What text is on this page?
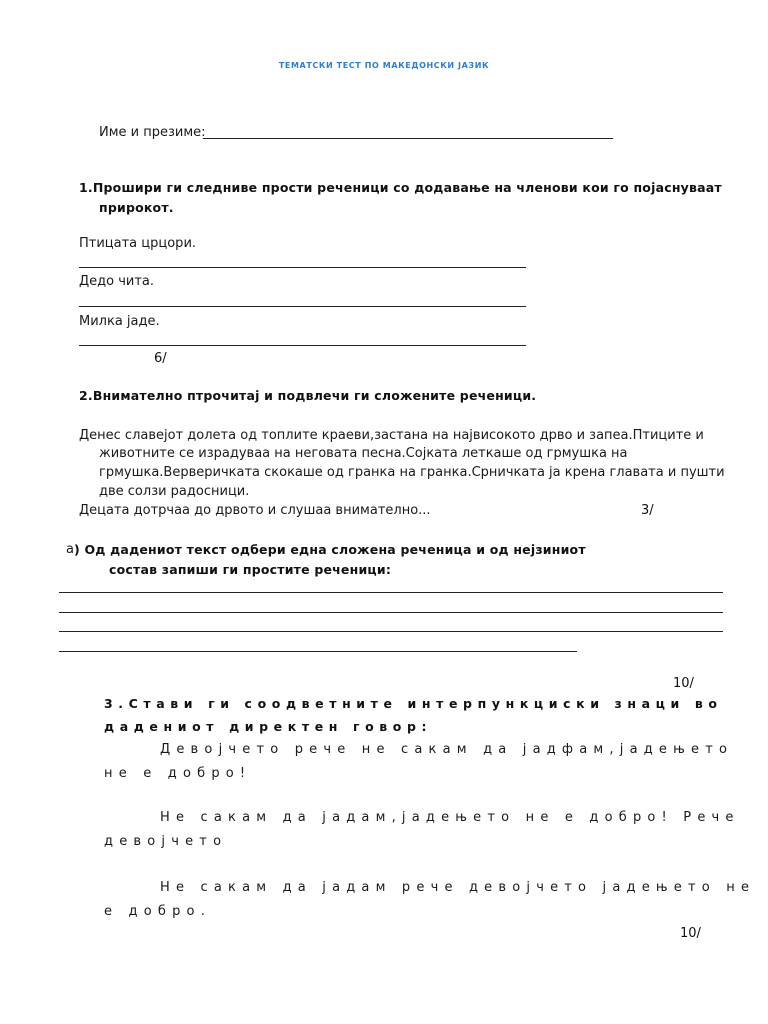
ТЕМАТСКИ ТЕСТ ПО МАКЕДОНСКИ ЈАЗИК
Име и презиме:
1.Прошири ги следниве прости реченици со додавање на членови кои го појаснуваат
прирокот.
Птицата црцори.
Дедо чита.
Милка јаде.
6/
2.Внимателно птрочитај и подвлечи ги сложените реченици.
Денес славејот долета од топлите краеви,застана на највисокото дрво и запеа.Птиците и
животните се израдуваа на неговата песна.Сојката леткаше од грмушка на
грмушка.Верверичката скокаше од гранка на гранка.Срничката ја крена главата и пушти
две солзи радосници.
Децата дотрчаа до дрвото и слушаа внимателно...	3/
а ) Од дадениот текст одбери една сложена реченица и од нејзиниот
состав запиши ги простите реченици:
10/
3.Стави ги соодветните интерпункциски знаци во
дадениот директен говор:
Девојчето рече не сакам да јадфам,јадењето
не е добро!
Не сакам да јадам,јадењето не е добро! Рече
девојчето
Не сакам да јадам рече девојчето јадењето не
е добро.
10/
